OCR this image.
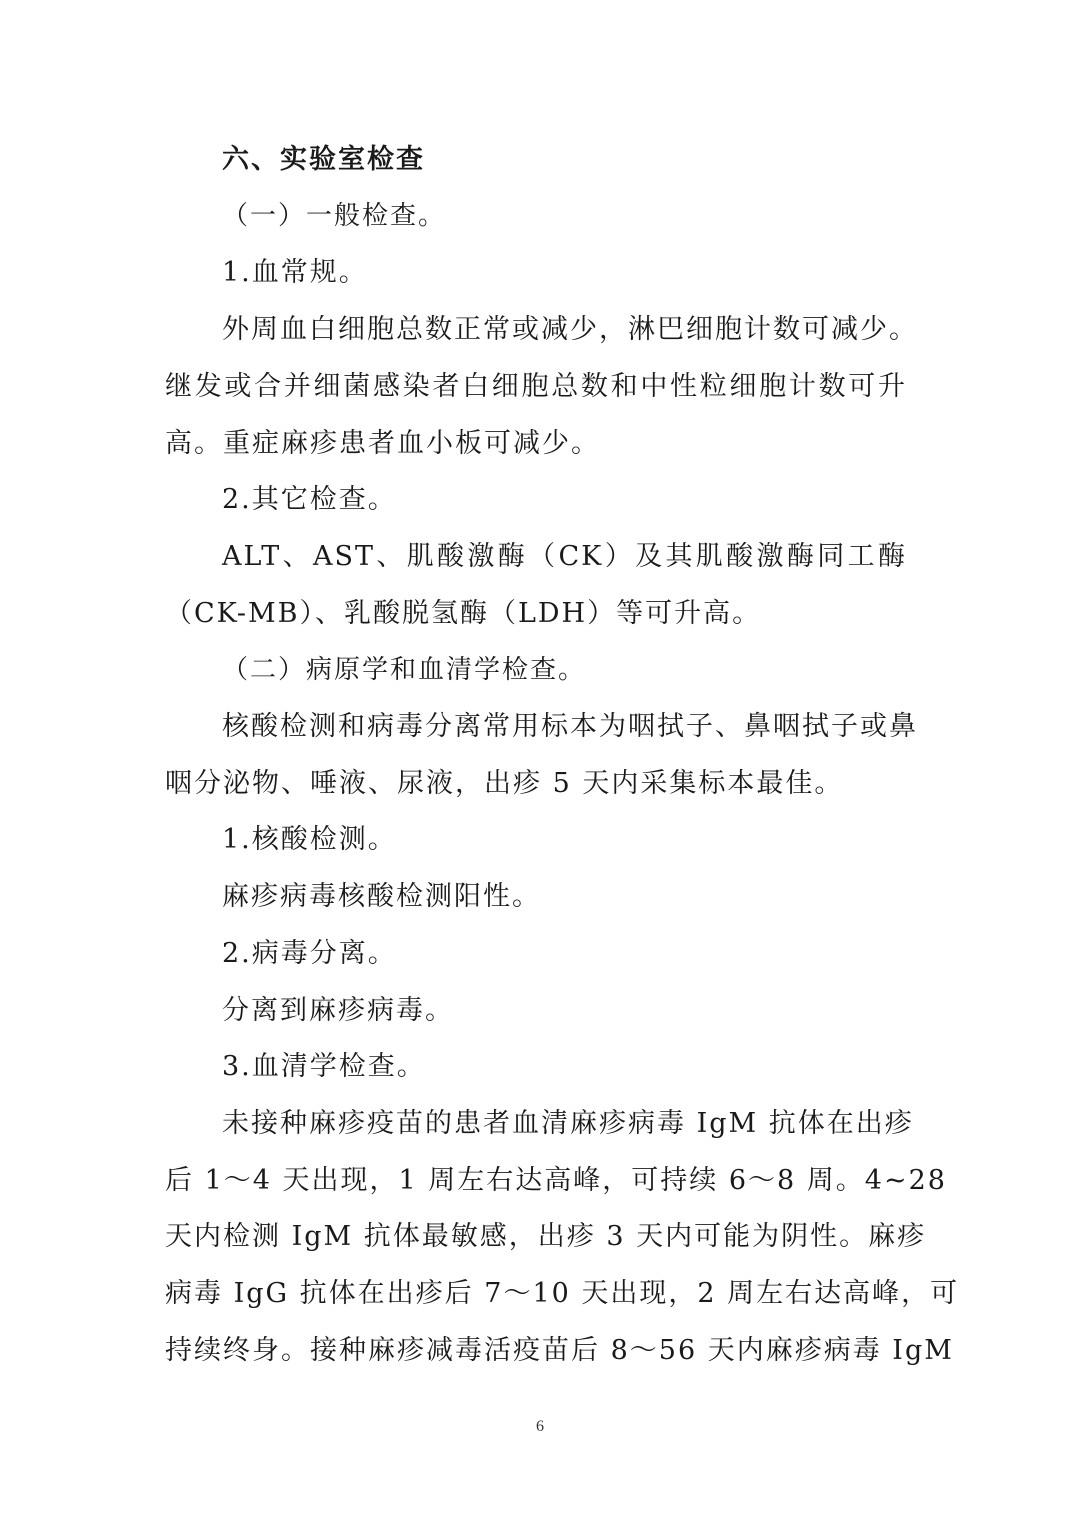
六、实验室检查
（一）一般检查。
1.血常规。
外周血白细胞总数正常或减少，淋巴细胞计数可减少。
继发或合并细菌感染者白细胞总数和中性粒细胞计数可升
高。重症麻疹患者血小板可减少。
2.其它检查。
ALT、AST、肌酸激酶（CK）及其肌酸激酶同工酶
（CK-MB）、乳酸脱氢酶（LDH）等可升高。
（二）病原学和血清学检查。
核酸检测和病毒分离常用标本为咽拭子、鼻咽拭子或鼻
咽分泌物、唾液、尿液，出疹 5 天内采集标本最佳。
1.核酸检测。
麻疹病毒核酸检测阳性。
2.病毒分离。
分离到麻疹病毒。
3.血清学检查。
未接种麻疹疫苗的患者血清麻疹病毒 IgM 抗体在出疹
后 1～4 天出现，1 周左右达高峰，可持续 6～8 周。4~28
天内检测 IgM 抗体最敏感，出疹 3 天内可能为阴性。麻疹
病毒 IgG 抗体在出疹后 7～10 天出现，2 周左右达高峰，可
持续终身。接种麻疹减毒活疫苗后 8～56 天内麻疹病毒 IgM
6
